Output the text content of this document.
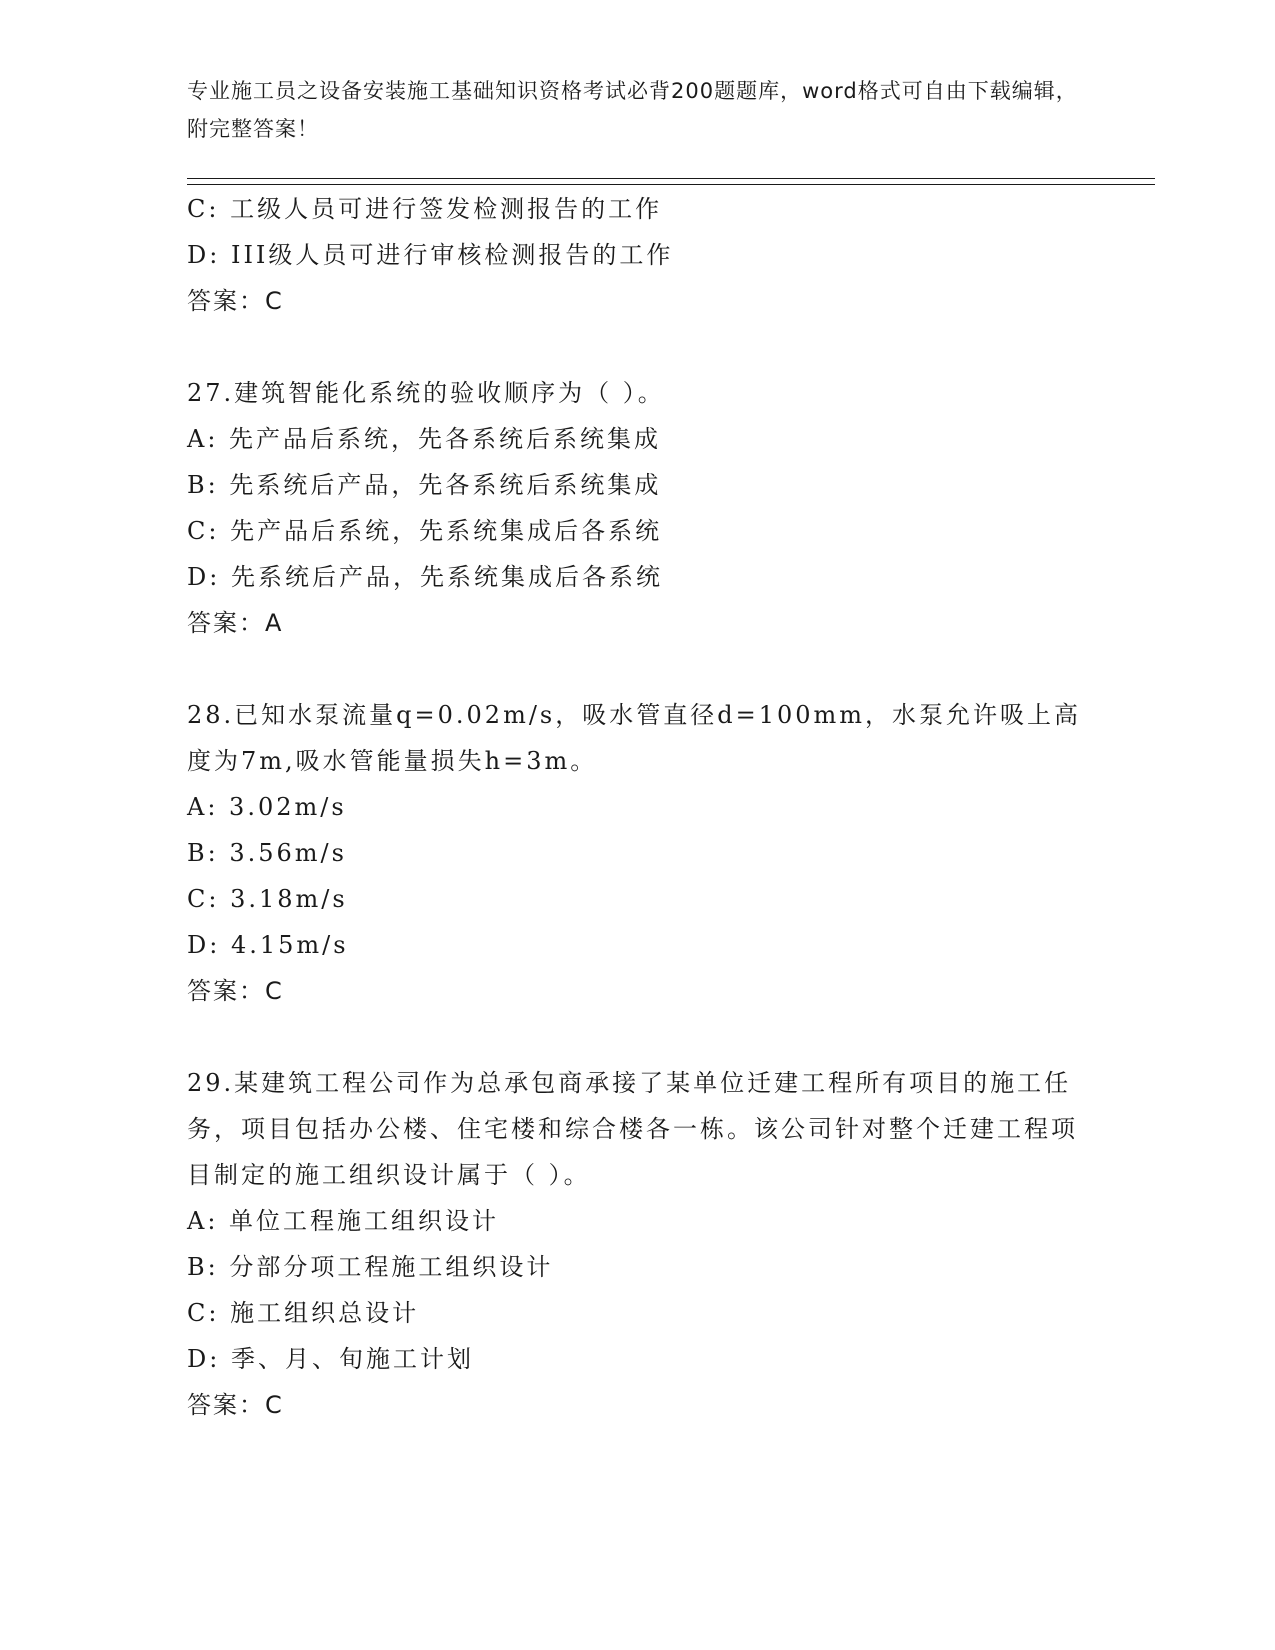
专业施工员之设备安装施工基础知识资格考试必背200题题库，word格式可自由下载编辑，附完整答案！
C: 工级人员可进行签发检测报告的工作
D: III级人员可进行审核检测报告的工作
答案：C
27.建筑智能化系统的验收顺序为（ ）。
A: 先产品后系统，先各系统后系统集成
B: 先系统后产品，先各系统后系统集成
C: 先产品后系统，先系统集成后各系统
D: 先系统后产品，先系统集成后各系统
答案：A
28.已知水泵流量q=0.02m/s，吸水管直径d=100mm，水泵允许吸上高度为7m,吸水管能量损失h=3m。
A: 3.02m/s
B: 3.56m/s
C: 3.18m/s
D: 4.15m/s
答案：C
29.某建筑工程公司作为总承包商承接了某单位迁建工程所有项目的施工任务，项目包括办公楼、住宅楼和综合楼各一栋。该公司针对整个迁建工程项目制定的施工组织设计属于（ ）。
A: 单位工程施工组织设计
B: 分部分项工程施工组织设计
C: 施工组织总设计
D: 季、月、旬施工计划
答案：C
